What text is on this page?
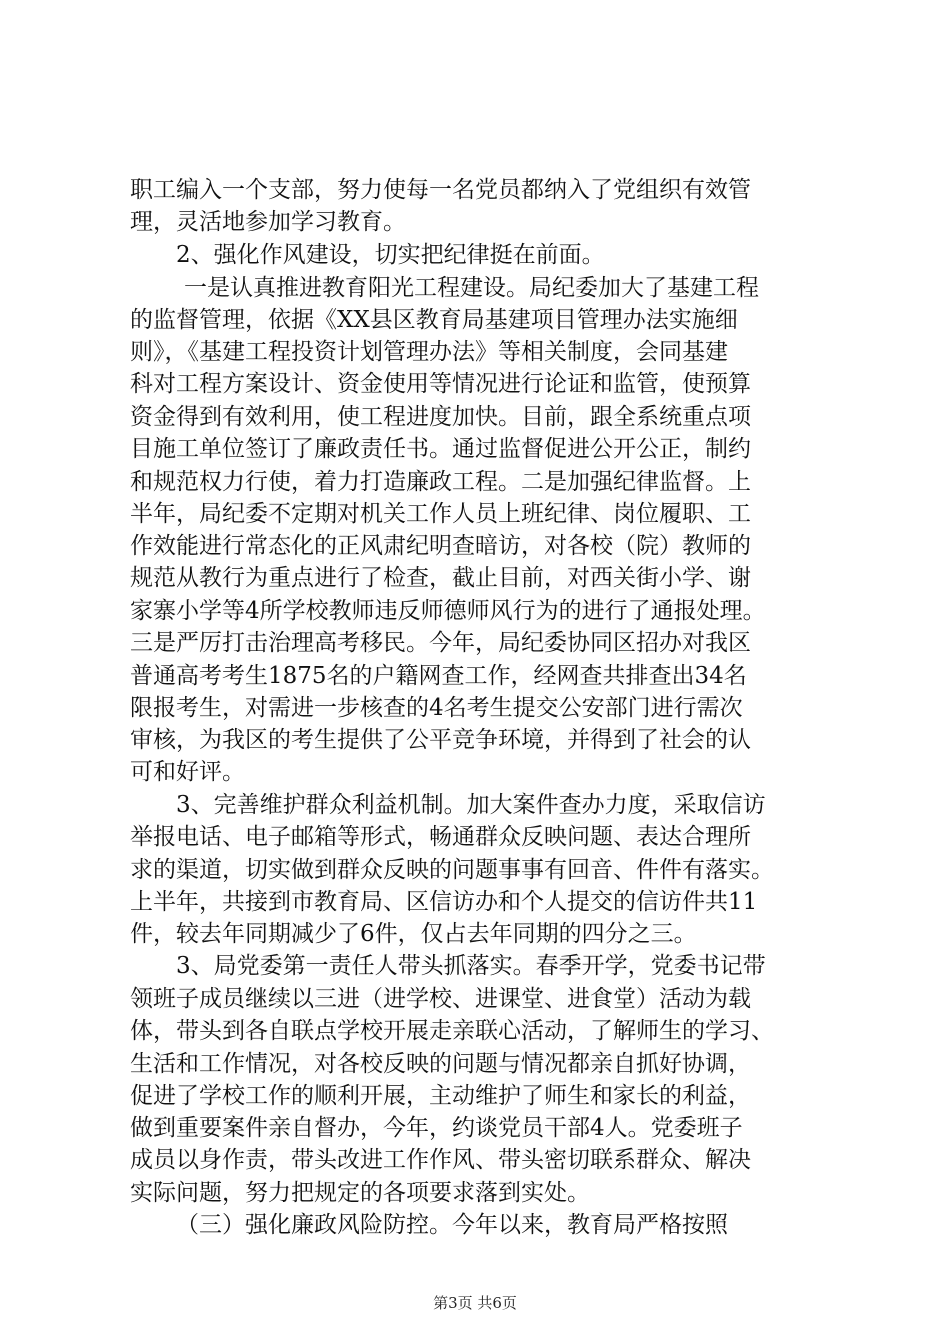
职工编入一个支部，努力使每一名党员都纳入了党组织有效管
理，灵活地参加学习教育。
2、强化作风建设，切实把纪律挺在前面。
一是认真推进教育阳光工程建设。局纪委加大了基建工程
的监督管理，依据《XX县区教育局基建项目管理办法实施细
则》，《基建工程投资计划管理办法》等相关制度，会同基建
科对工程方案设计、资金使用等情况进行论证和监管，使预算
资金得到有效利用，使工程进度加快。目前，跟全系统重点项
目施工单位签订了廉政责任书。通过监督促进公开公正，制约
和规范权力行使，着力打造廉政工程。二是加强纪律监督。上
半年，局纪委不定期对机关工作人员上班纪律、岗位履职、工
作效能进行常态化的正风肃纪明查暗访，对各校（院）教师的
规范从教行为重点进行了检查，截止目前，对西关街小学、谢
家寨小学等4所学校教师违反师德师风行为的进行了通报处理。
三是严厉打击治理高考移民。今年，局纪委协同区招办对我区
普通高考考生1875名的户籍网查工作，经网查共排查出34名
限报考生，对需进一步核查的4名考生提交公安部门进行需次
审核，为我区的考生提供了公平竞争环境，并得到了社会的认
可和好评。
3、完善维护群众利益机制。加大案件查办力度，采取信访
举报电话、电子邮箱等形式，畅通群众反映问题、表达合理所
求的渠道，切实做到群众反映的问题事事有回音、件件有落实。
上半年，共接到市教育局、区信访办和个人提交的信访件共11
件，较去年同期减少了6件，仅占去年同期的四分之三。
3、局党委第一责任人带头抓落实。春季开学，党委书记带
领班子成员继续以三进（进学校、进课堂、进食堂）活动为载
体，带头到各自联点学校开展走亲联心活动，了解师生的学习、
生活和工作情况，对各校反映的问题与情况都亲自抓好协调，
促进了学校工作的顺利开展，主动维护了师生和家长的利益，
做到重要案件亲自督办，今年，约谈党员干部4人。党委班子
成员以身作责，带头改进工作作风、带头密切联系群众、解决
实际问题，努力把规定的各项要求落到实处。
（三）强化廉政风险防控。今年以来，教育局严格按照
第3页 共6页
